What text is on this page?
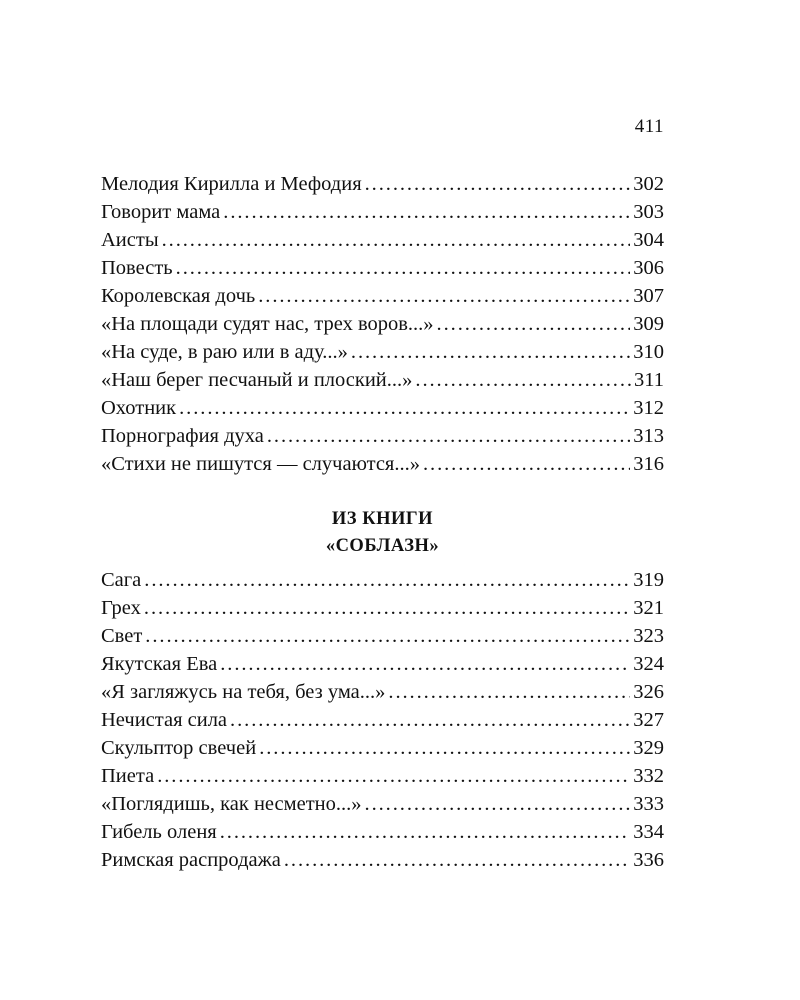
411
Мелодия Кирилла и Мефодия . . .	302
Говорит мама . . .	303
Аисты . . .	304
Повесть . . .	306
Королевская дочь . . .	307
«На площади судят нас, трех воров...» . . .	309
«На суде, в раю или в аду...» . . .	310
«Наш берег песчаный и плоский...» . . .	311
Охотник . . .	312
Порнография духа . . .	313
«Стихи не пишутся — случаются...» . . .	316
ИЗ КНИГИ
«СОБЛАЗН»
Сага . . .	319
Грех . . .	321
Свет . . .	323
Якутская Ева . . .	324
«Я загляжусь на тебя, без ума...» . . .	326
Нечистая сила . . .	327
Скульптор свечей . . .	329
Пиета . . .	332
«Поглядишь, как несметно...» . . .	333
Гибель оленя . . .	334
Римская распродажа . . .	336
